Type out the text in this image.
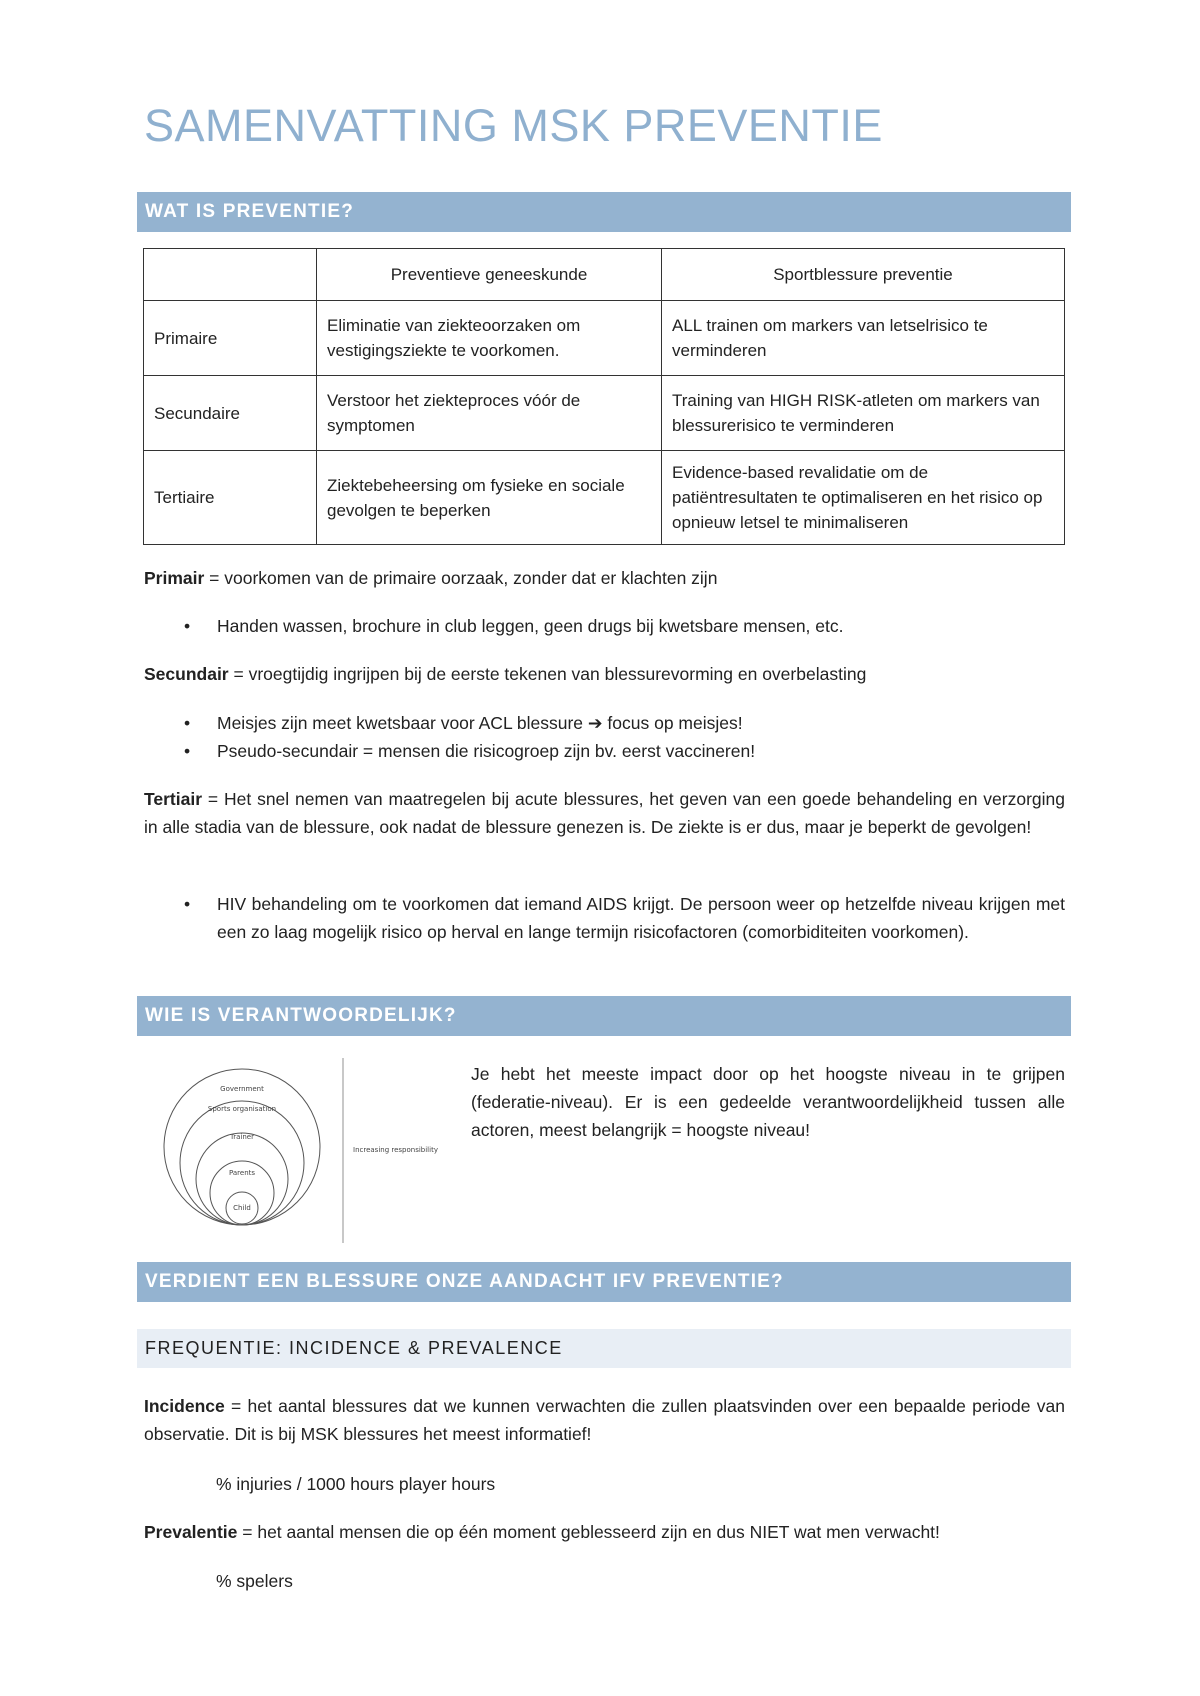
SAMENVATTING MSK PREVENTIE
WAT IS PREVENTIE?
	Preventieve geneeskunde	Sportblessure preventie
Primaire	Eliminatie van ziekteoorzaken om vestigingsziekte te voorkomen.	ALL trainen om markers van letselrisico te verminderen
Secundaire	Verstoor het ziekteproces vóór de symptomen	Training van HIGH RISK-atleten om markers van blessurerisico te verminderen
Tertiaire	Ziektebeheersing om fysieke en sociale gevolgen te beperken	Evidence-based revalidatie om de patiëntresultaten te optimaliseren en het risico op opnieuw letsel te minimaliseren
Primair = voorkomen van de primaire oorzaak, zonder dat er klachten zijn
• Handen wassen, brochure in club leggen, geen drugs bij kwetsbare mensen, etc.
Secundair = vroegtijdig ingrijpen bij de eerste tekenen van blessurevorming en overbelasting
• Meisjes zijn meet kwetsbaar voor ACL blessure ➔ focus op meisjes!
• Pseudo-secundair = mensen die risicogroep zijn bv. eerst vaccineren!
Tertiair = Het snel nemen van maatregelen bij acute blessures, het geven van een goede behandeling en verzorging in alle stadia van de blessure, ook nadat de blessure genezen is. De ziekte is er dus, maar je beperkt de gevolgen!
• HIV behandeling om te voorkomen dat iemand AIDS krijgt. De persoon weer op hetzelfde niveau krijgen met een zo laag mogelijk risico op herval en lange termijn risicofactoren (comorbiditeiten voorkomen).
WIE IS VERANTWOORDELIJK?
Government
Sports organisation
Trainer
Parents
Child
Increasing responsibility
Je hebt het meeste impact door op het hoogste niveau in te grijpen (federatie-niveau). Er is een gedeelde verantwoordelijkheid tussen alle actoren, meest belangrijk = hoogste niveau!
VERDIENT EEN BLESSURE ONZE AANDACHT IFV PREVENTIE?
FREQUENTIE: INCIDENCE & PREVALENCE
Incidence = het aantal blessures dat we kunnen verwachten die zullen plaatsvinden over een bepaalde periode van observatie. Dit is bij MSK blessures het meest informatief!
% injuries / 1000 hours player hours
Prevalentie = het aantal mensen die op één moment geblesseerd zijn en dus NIET wat men verwacht!
% spelers
